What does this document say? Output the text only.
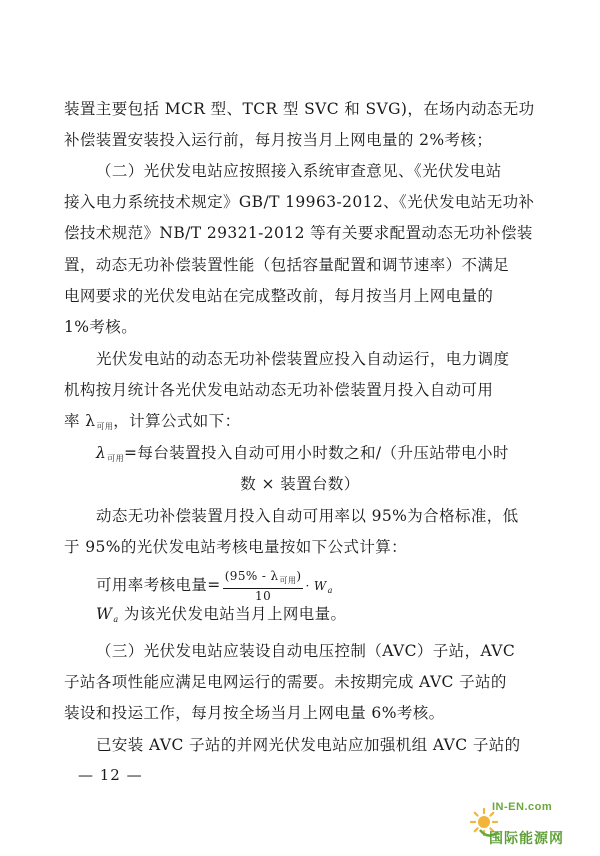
装置主要包括 MCR 型、TCR 型 SVC 和 SVG)，在场内动态无功
补偿装置安装投入运行前，每月按当月上网电量的 2%考核；
（二）光伏发电站应按照接入系统审查意见、《光伏发电站
接入电力系统技术规定》GB/T 19963-2012、《光伏发电站无功补
偿技术规范》NB/T 29321-2012 等有关要求配置动态无功补偿装
置，动态无功补偿装置性能（包括容量配置和调节速率）不满足
电网要求的光伏发电站在完成整改前，每月按当月上网电量的
1%考核。
光伏发电站的动态无功补偿装置应投入自动运行，电力调度
机构按月统计各光伏发电站动态无功补偿装置月投入自动可用
率 $\lambda_{可用}$，计算公式如下：
$\lambda_{可用}=$每台装置投入自动可用小时数之和/（升压站带电小时
数 × 装置台数）
动态无功补偿装置月投入自动可用率以 95%为合格标准，低
于 95%的光伏发电站考核电量按如下公式计算：
可用率考核电量= $\frac{(95\% - \lambda_{可用})}{10} \cdot W_a$
$W_a$ 为该光伏发电站当月上网电量。
（三）光伏发电站应装设自动电压控制（AVC）子站，AVC
子站各项性能应满足电网运行的需要。未按期完成 AVC 子站的
装设和投运工作，每月按全场当月上网电量 6%考核。
已安装 AVC 子站的并网光伏发电站应加强机组 AVC 子站的
— 12 —
IN-EN.com
国际能源网
